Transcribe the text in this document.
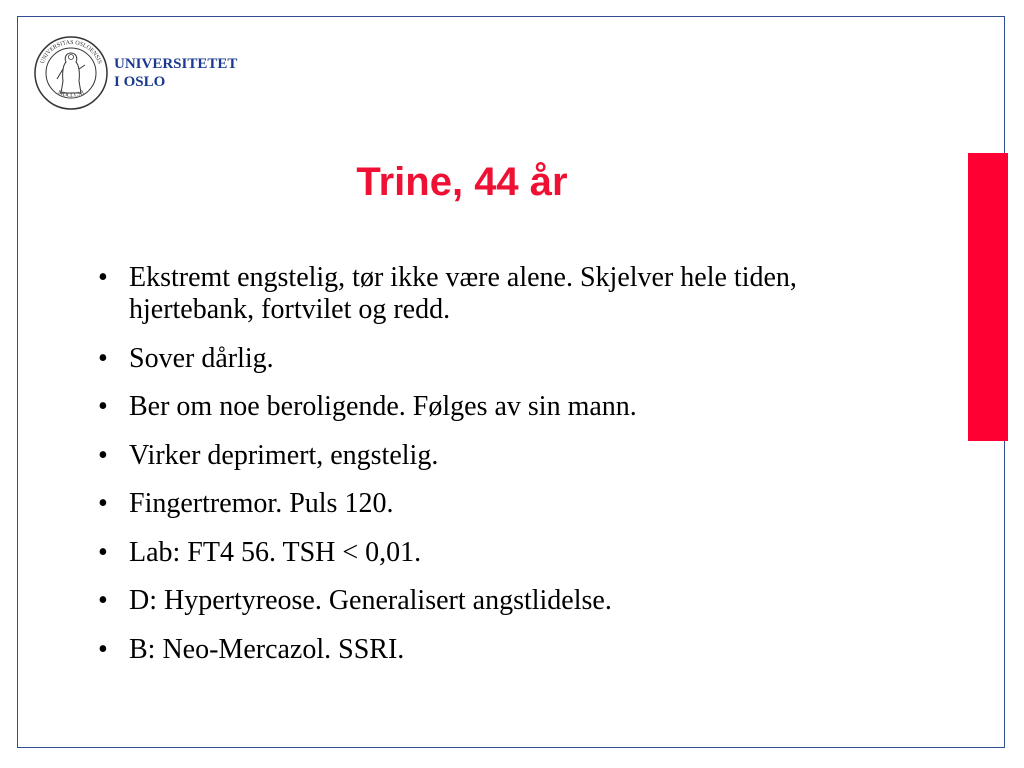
UNIVERSITAS OSLOENSIS
MDCCCXI
UNIVERSITETET
I OSLO
Trine, 44 år
• Ekstremt engstelig, tør ikke være alene. Skjelver hele tiden, hjertebank, fortvilet og redd.
• Sover dårlig.
• Ber om noe beroligende. Følges av sin mann.
• Virker deprimert, engstelig.
• Fingertremor. Puls 120.
• Lab: FT4 56. TSH < 0,01.
• D: Hypertyreose. Generalisert angstlidelse.
• B: Neo-Mercazol. SSRI.
